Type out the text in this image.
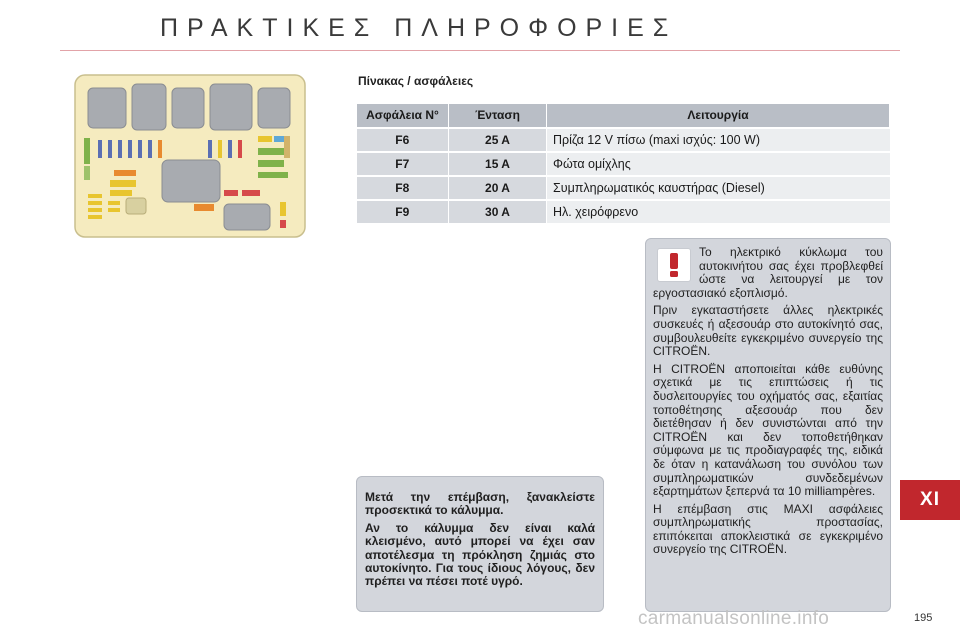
ΠΡΑΚΤΙΚΕΣ ΠΛΗΡΟΦΟΡΙΕΣ
Πίνακας / ασφάλειες
Ασφάλεια N°	Ένταση	Λειτουργία
F6	25 A	Πρίζα 12 V πίσω (maxi ισχύς: 100 W)
F7	15 A	Φώτα ομίχλης
F8	20 A	Συμπληρωματικός καυστήρας (Diesel)
F9	30 A	Ηλ. χειρόφρενο

Το ηλεκτρικό κύκλωμα του αυτοκινήτου σας έχει προβλεφθεί ώστε να λειτουργεί με τον εργοστασιακό εξοπλισμό.

Πριν εγκαταστήσετε άλλες ηλεκτρικές συσκευές ή αξεσουάρ στο αυτοκίνητό σας, συμβουλευθείτε εγκεκριμένο συνεργείο της CITROËN.

Η CITROËN αποποιείται κάθε ευθύνης σχετικά με τις επιπτώσεις ή τις δυσλειτουργίες του οχήματός σας, εξαιτίας τοποθέτησης αξεσουάρ που δεν διετέθησαν ή δεν συνιστώνται από την CITROËN και δεν τοποθετήθηκαν σύμφωνα με τις προδιαγραφές της, ειδικά δε όταν η κατανάλωση του συνόλου των συμπληρωματικών συνδεδεμένων εξαρτημάτων ξεπερνά τα 10 milliampères.

Η επέμβαση στις MAXI ασφάλειες συμπληρωματικής προστασίας, επιπόκειται αποκλειστικά σε εγκεκριμένο συνεργείο της CITROËN.

Μετά την επέμβαση, ξανακλείστε προσεκτικά το κάλυμμα.

Αν το κάλυμμα δεν είναι καλά κλεισμένο, αυτό μπορεί να έχει σαν αποτέλεσμα τη πρόκληση ζημιάς στο αυτοκίνητο. Για τους ίδιους λόγους, δεν πρέπει να πέσει ποτέ υγρό.

XI
carmanualsonline.info	195
